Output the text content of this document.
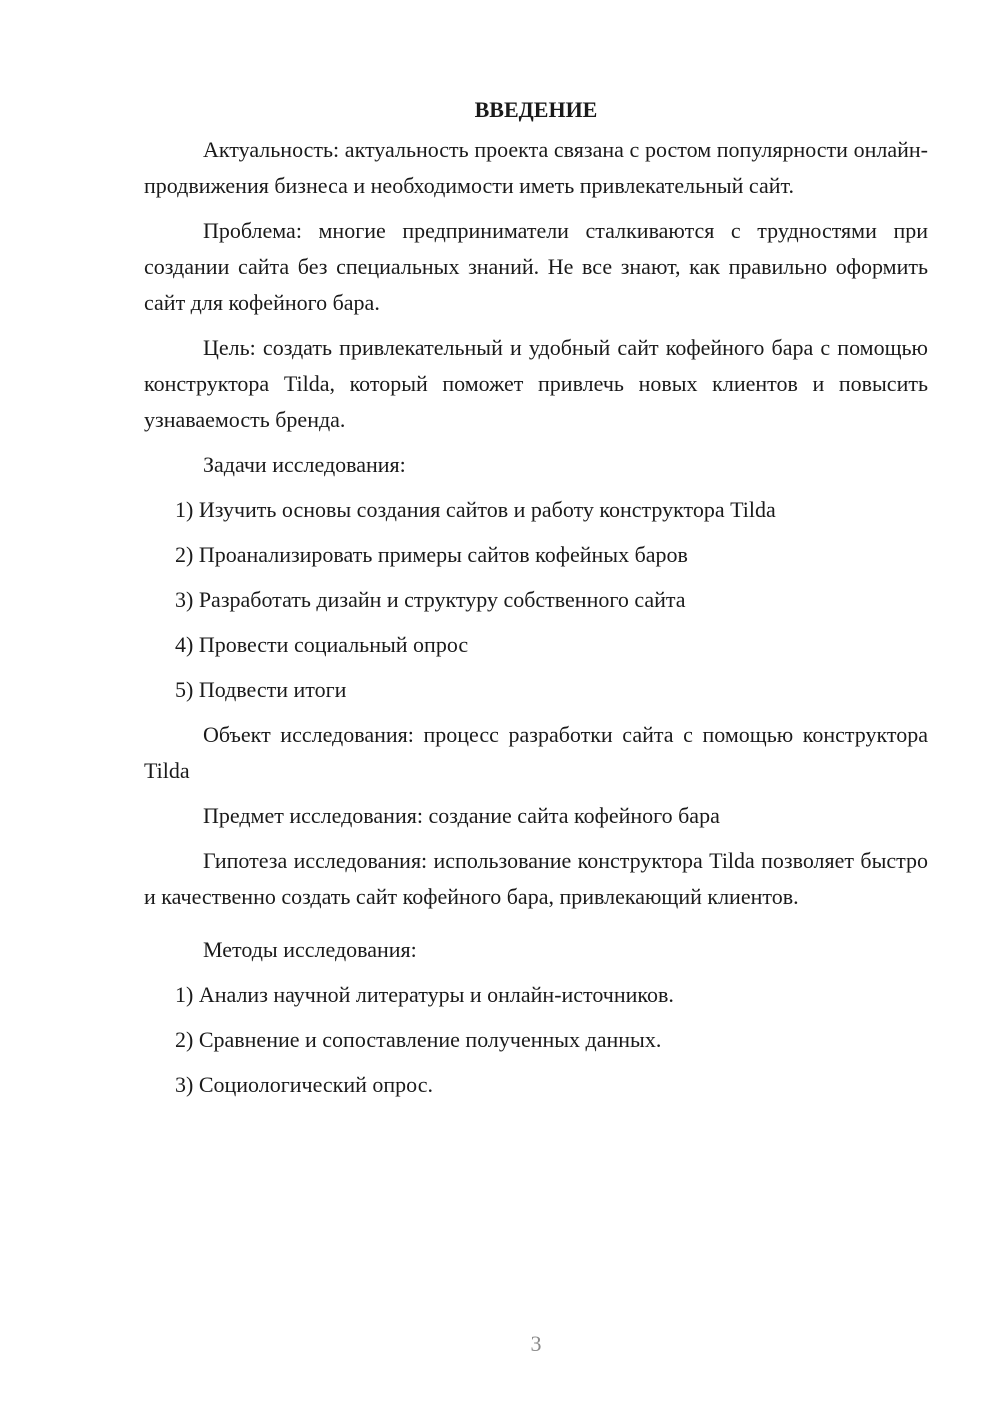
ВВЕДЕНИЕ

Актуальность: актуальность проекта связана с ростом популярности онлайн-продвижения бизнеса и необходимости иметь привлекательный сайт.

Проблема: многие предприниматели сталкиваются с трудностями при создании сайта без специальных знаний. Не все знают, как правильно оформить сайт для кофейного бара.

Цель: создать привлекательный и удобный сайт кофейного бара с помощью конструктора Tilda, который поможет привлечь новых клиентов и повысить узнаваемость бренда.

Задачи исследования:
1) Изучить основы создания сайтов и работу конструктора Tilda
2) Проанализировать примеры сайтов кофейных баров
3) Разработать дизайн и структуру собственного сайта
4) Провести социальный опрос
5) Подвести итоги

Объект исследования: процесс разработки сайта с помощью конструктора Tilda

Предмет исследования: создание сайта кофейного бара

Гипотеза исследования: использование конструктора Tilda позволяет быстро и качественно создать сайт кофейного бара, привлекающий клиентов.

Методы исследования:
1) Анализ научной литературы и онлайн-источников.
2) Сравнение и сопоставление полученных данных.
3) Социологический опрос.
3
